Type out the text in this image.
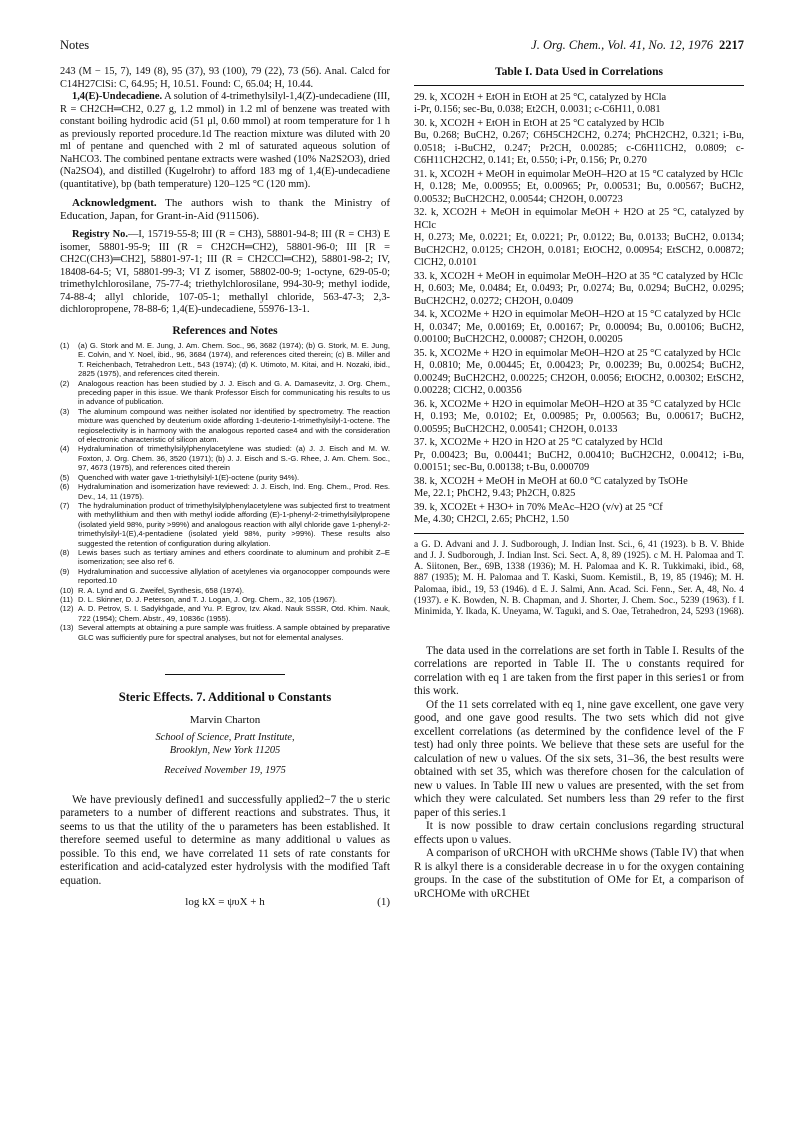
Notes	J. Org. Chem., Vol. 41, No. 12, 1976 2217

243 (M − 15, 7), 149 (8), 95 (37), 93 (100), 79 (22), 73 (56). Anal. Calcd for C14H27ClSi: C, 64.95; H, 10.51. Found: C, 65.04; H, 10.44.

1,4(E)-Undecadiene. A solution of 4-trimethylsilyl-1,4(Z)-undecadiene (III, R = CH2CH═CH2, 0.27 g, 1.2 mmol) in 1.2 ml of benzene was treated with constant boiling hydrodic acid (51 μl, 0.60 mmol) at room temperature for 1 h as previously reported procedure.1d The reaction mixture was diluted with 20 ml of pentane and quenched with 2 ml of saturated aqueous solution of NaHCO3. The combined pentane extracts were washed (10% Na2S2O3), dried (Na2SO4), and distilled (Kugelrohr) to afford 183 mg of 1,4(E)-undecadiene (quantitative), bp (bath temperature) 120–125 °C (120 mm).

Acknowledgment. The authors wish to thank the Ministry of Education, Japan, for Grant-in-Aid (911506).

Registry No.—I, 15719-55-8; III (R = CH3), 58801-94-8; III (R = CH3) E isomer, 58801-95-9; III (R = CH2CH═CH2), 58801-96-0; III [R = CH2C(CH3)═CH2], 58801-97-1; III (R = CH2CCl═CH2), 58801-98-2; IV, 18408-64-5; VI, 58801-99-3; VI Z isomer, 58802-00-9; 1-octyne, 629-05-0; trimethylchlorosilane, 75-77-4; triethylchlorosilane, 994-30-9; methyl iodide, 74-88-4; allyl chloride, 107-05-1; methallyl chloride, 563-47-3; 2,3-dichloropropene, 78-88-6; 1,4(E)-undecadiene, 55976-13-1.

References and Notes
(1)	(a) G. Stork and M. E. Jung, J. Am. Chem. Soc., 96, 3682 (1974); (b) G. Stork, M. E. Jung, E. Colvin, and Y. Noel, ibid., 96, 3684 (1974), and references cited therein; (c) B. Miller and T. Reichenbach, Tetrahedron Lett., 543 (1974); (d) K. Utimoto, M. Kitai, and H. Nozaki, ibid., 2825 (1975), and references cited therein.
(2)	Analogous reaction has been studied by J. J. Eisch and G. A. Damasevitz, J. Org. Chem., preceding paper in this issue. We thank Professor Eisch for communicating his results to us in advance of publication.
(3)	The aluminum compound was neither isolated nor identified by spectrometry. The reaction mixture was quenched by deuterium oxide affording 1-deuterio-1-trimethylsilyl-1-octene. The regioselectivity is in harmony with the analogous reported case4 and with the consideration of electronic characteristic of silicon atom.
(4)	Hydralumination of trimethylsilylphenylacetylene was studied: (a) J. J. Eisch and M. W. Foxton, J. Org. Chem. 36, 3520 (1971); (b) J. J. Eisch and S.-G. Rhee, J. Am. Chem. Soc., 97, 4673 (1975), and references cited therein
(5)	Quenched with water gave 1-triethylsilyl-1(E)-octene (purity 94%).
(6)	Hydralumination and isomerization have reviewed: J. J. Eisch, Ind. Eng. Chem., Prod. Res. Dev., 14, 11 (1975).
(7)	The hydralumination product of trimethylsilylphenylacetylene was subjected first to treatment with methyllithium and then with methyl iodide affording (E)-1-phenyl-2-trimethylsilylpropene (isolated yield 98%, purity >99%) and analogous reaction with allyl chloride gave 1-phenyl-2-trimethylsilyl-1(E),4-pentadiene (isolated yield 98%, purity >99%). These results also suggested the retention of configuration during alkylation.
(8)	Lewis bases such as tertiary amines and ethers coordinate to aluminum and prohibit Z–E isomerization; see also ref 6.
(9)	Hydralumination and successive allylation of acetylenes via organocopper compounds were reported.10
(10) R. A. Lynd and G. Zweifel, Synthesis, 658 (1974).
(11) D. L. Skinner, D. J. Peterson, and T. J. Logan, J. Org. Chem., 32, 105 (1967).
(12) A. D. Petrov, S. I. Sadykhgade, and Yu. P. Egrov, Izv. Akad. Nauk SSSR, Otd. Khim. Nauk, 722 (1954); Chem. Abstr., 49, 10836c (1955).
(13) Several attempts at obtaining a pure sample was fruitless. A sample obtained by preparative GLC was sufficiently pure for spectral analyses, but not for elemental analyses.
Steric Effects. 7. Additional υ Constants
Marvin Charton
School of Science, Pratt Institute,
Brooklyn, New York 11205
Received November 19, 1975

We have previously defined1 and successfully applied2−7 the υ steric parameters to a number of different reactions and substrates. Thus, it seems to us that the utility of the υ parameters has been established. It therefore seemed useful to determine as many additional υ values as possible. To this end, we have correlated 11 sets of rate constants for esterification and acid-catalyzed ester hydrolysis with the modified Taft equation.

log kX = ψυX + h	(1)
Table I. Data Used in Correlations

29. k, XCO2H + EtOH in EtOH at 25 °C, catalyzed by HCla

i-Pr, 0.156; sec-Bu, 0.038; Et2CH, 0.0031; c-C6H11, 0.081

30. k, XCO2H + EtOH in EtOH at 25 °C catalyzed by HClb

Bu, 0.268; BuCH2, 0.267; C6H5CH2CH2, 0.274; PhCH2CH2, 0.321; i-Bu, 0.0518; i-BuCH2, 0.247; Pr2CH, 0.00285; c-C6H11CH2, 0.0809; c-C6H11CH2CH2, 0.141; Et, 0.550; i-Pr, 0.156; Pr, 0.270

31. k, XCO2H + MeOH in equimolar MeOH–H2O at 15 °C catalyzed by HClc

H, 0.128; Me, 0.00955; Et, 0.00965; Pr, 0.00531; Bu, 0.00567; BuCH2, 0.00532; BuCH2CH2, 0.00544; CH2OH, 0.00723

32. k, XCO2H + MeOH in equimolar MeOH + H2O at 25 °C, catalyzed by HClc

H, 0.273; Me, 0.0221; Et, 0.0221; Pr, 0.0122; Bu, 0.0133; BuCH2, 0.0134; BuCH2CH2, 0.0125; CH2OH, 0.0181; EtOCH2, 0.00954; EtSCH2, 0.00872; ClCH2, 0.0101

33. k, XCO2H + MeOH in equimolar MeOH–H2O at 35 °C catalyzed by HClc

H, 0.603; Me, 0.0484; Et, 0.0493; Pr, 0.0274; Bu, 0.0294; BuCH2, 0.0295; BuCH2CH2, 0.0272; CH2OH, 0.0409

34. k, XCO2Me + H2O in equimolar MeOH–H2O at 15 °C catalyzed by HClc

H, 0.0347; Me, 0.00169; Et, 0.00167; Pr, 0.00094; Bu, 0.00106; BuCH2, 0.00100; BuCH2CH2, 0.00087; CH2OH, 0.00205

35. k, XCO2Me + H2O in equimolar MeOH–H2O at 25 °C catalyzed by HClc

H, 0.0810; Me, 0.00445; Et, 0.00423; Pr, 0.00239; Bu, 0.00254; BuCH2, 0.00249; BuCH2CH2, 0.00225; CH2OH, 0.0056; EtOCH2, 0.00302; EtSCH2, 0.00228; ClCH2, 0.00356

36. k, XCO2Me + H2O in equimolar MeOH–H2O at 35 °C catalyzed by HClc

H, 0.193; Me, 0.0102; Et, 0.00985; Pr, 0.00563; Bu, 0.00617; BuCH2, 0.00595; BuCH2CH2, 0.00541; CH2OH, 0.0133

37. k, XCO2Me + H2O in H2O at 25 °C catalyzed by HCld

Pr, 0.00423; Bu, 0.00441; BuCH2, 0.00410; BuCH2CH2, 0.00412; i-Bu, 0.00151; sec-Bu, 0.00138; t-Bu, 0.000709

38. k, XCO2H + MeOH in MeOH at 60.0 °C catalyzed by TsOHe

Me, 22.1; PhCH2, 9.43; Ph2CH, 0.825

39. k, XCO2Et + H3O+ in 70% MeAc–H2O (v/v) at 25 °Cf

Me, 4.30; CH2Cl, 2.65; PhCH2, 1.50

a G. D. Advani and J. J. Sudborough, J. Indian Inst. Sci., 6, 41 (1923). b B. V. Bhide and J. J. Sudborough, J. Indian Inst. Sci. Sect. A, 8, 89 (1925). c M. H. Palomaa and T. A. Siitonen, Ber., 69B, 1338 (1936); M. H. Palomaa and K. R. Tukkimaki, ibid., 68, 887 (1935); M. H. Palomaa and T. Kaski, Suom. Kemistil., B, 19, 85 (1946); M. H. Palomaa, ibid., 19, 53 (1946). d E. J. Salmi, Ann. Acad. Sci. Fenn., Ser. A, 48, No. 4 (1937). e K. Bowden, N. B. Chapman, and J. Shorter, J. Chem. Soc., 5239 (1963). f I. Minimida, Y. Ikada, K. Uneyama, W. Taguki, and S. Oae, Tetrahedron, 24, 5293 (1968).

The data used in the correlations are set forth in Table I. Results of the correlations are reported in Table II. The υ constants required for correlation with eq 1 are taken from the first paper in this series1 or from this work.

Of the 11 sets correlated with eq 1, nine gave excellent, one gave very good, and one gave good results. The two sets which did not give excellent correlations (as determined by the confidence level of the F test) had only three points. We believe that these sets are useful for the calculation of new υ values. Of the six sets, 31–36, the best results were obtained with set 35, which was therefore chosen for the calculation of new υ values. In Table III new υ values are presented, with the set from which they were calculated. Set numbers less than 29 refer to the first paper of this series.1

It is now possible to draw certain conclusions regarding structural effects upon υ values.

A comparison of υRCHOH with υRCHMe shows (Table IV) that when R is alkyl there is a considerable decrease in υ for the oxygen containing groups. In the case of the substitution of OMe for Et, a comparison of υRCHOMe with υRCHEt
